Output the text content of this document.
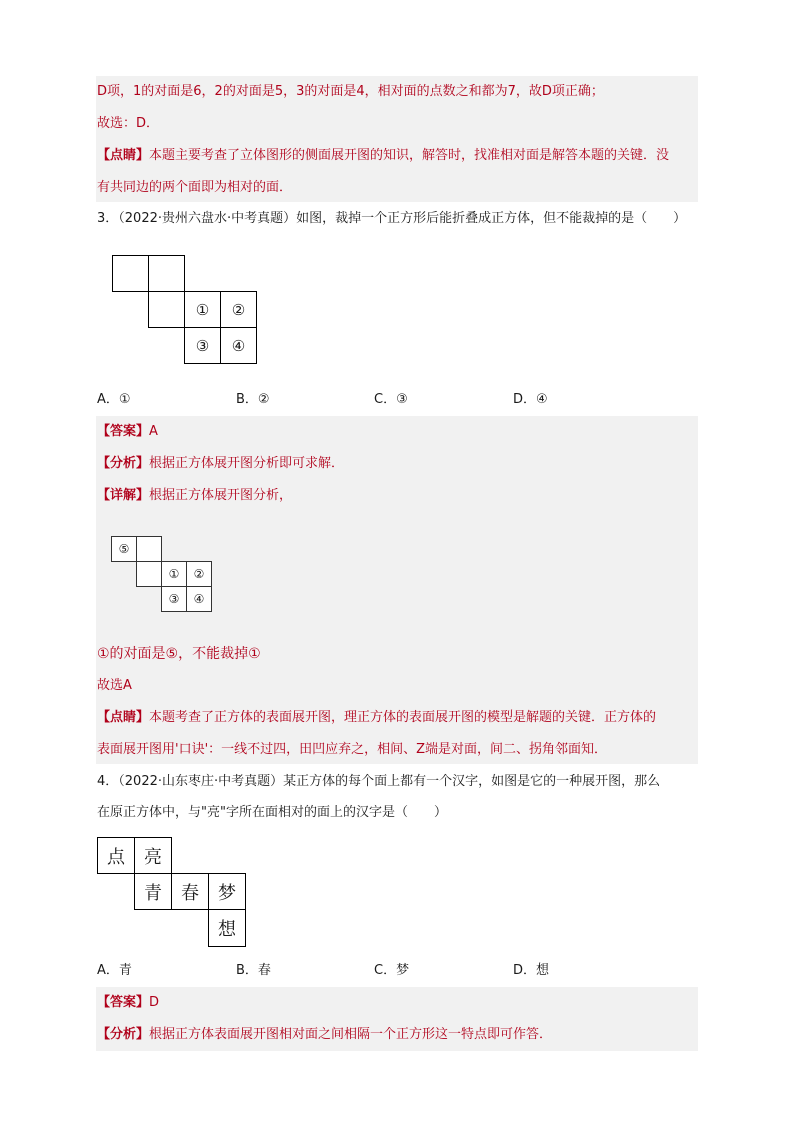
D项，1的对面是6，2的对面是5，3的对面是4，相对面的点数之和都为7，故D项正确；
故选：D．
【点睛】本题主要考查了立体图形的侧面展开图的知识，解答时，找准相对面是解答本题的关键．没
有共同边的两个面即为相对的面．
3．（2022·贵州六盘水·中考真题）如图，裁掉一个正方形后能折叠成正方体，但不能裁掉的是（　　）
①	②
③	④
A．①	B．②	C．③	D．④
【答案】A
【分析】根据正方体展开图分析即可求解．
【详解】根据正方体展开图分析，
⑤
①	②
③	④
①的对面是⑤，不能裁掉①
故选A
【点睛】本题考查了正方体的表面展开图，理正方体的表面展开图的模型是解题的关键．正方体的
表面展开图用'口诀'：一线不过四，田凹应弃之，相间、Z端是对面，间二、拐角邻面知．
4．（2022·山东枣庄·中考真题）某正方体的每个面上都有一个汉字，如图是它的一种展开图，那么
在原正方体中，与"亮"字所在面相对的面上的汉字是（　　）
点	亮
青	春	梦
想
A．青	B．春	C．梦	D．想
【答案】D
【分析】根据正方体表面展开图相对面之间相隔一个正方形这一特点即可作答．
